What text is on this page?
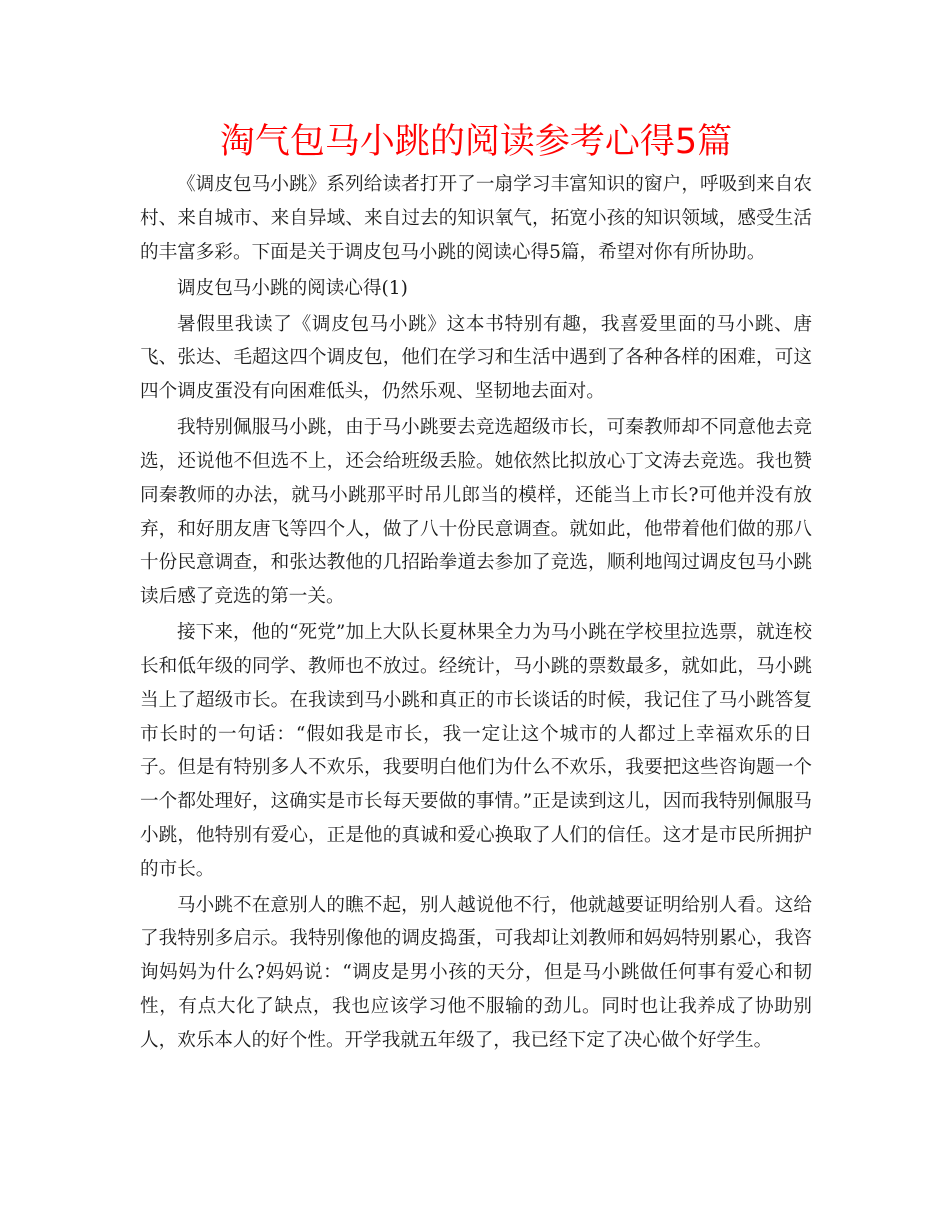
淘气包马小跳的阅读参考心得5篇

《调皮包马小跳》系列给读者打开了一扇学习丰富知识的窗户，呼吸到来自农村、来自城市、来自异域、来自过去的知识氧气，拓宽小孩的知识领域，感受生活的丰富多彩。下面是关于调皮包马小跳的阅读心得5篇，希望对你有所协助。

调皮包马小跳的阅读心得(1)

暑假里我读了《调皮包马小跳》这本书特别有趣，我喜爱里面的马小跳、唐飞、张达、毛超这四个调皮包，他们在学习和生活中遇到了各种各样的困难，可这四个调皮蛋没有向困难低头，仍然乐观、坚韧地去面对。

我特别佩服马小跳，由于马小跳要去竞选超级市长，可秦教师却不同意他去竞选，还说他不但选不上，还会给班级丢脸。她依然比拟放心丁文涛去竞选。我也赞同秦教师的办法，就马小跳那平时吊儿郎当的模样，还能当上市长?可他并没有放弃，和好朋友唐飞等四个人，做了八十份民意调查。就如此，他带着他们做的那八十份民意调查，和张达教他的几招跆拳道去参加了竞选，顺利地闯过调皮包马小跳读后感了竞选的第一关。

接下来，他的“死党”加上大队长夏林果全力为马小跳在学校里拉选票，就连校长和低年级的同学、教师也不放过。经统计，马小跳的票数最多，就如此，马小跳当上了超级市长。在我读到马小跳和真正的市长谈话的时候，我记住了马小跳答复市长时的一句话：“假如我是市长，我一定让这个城市的人都过上幸福欢乐的日子。但是有特别多人不欢乐，我要明白他们为什么不欢乐，我要把这些咨询题一个一个都处理好，这确实是市长每天要做的事情。”正是读到这儿，因而我特别佩服马小跳，他特别有爱心，正是他的真诚和爱心换取了人们的信任。这才是市民所拥护的市长。

马小跳不在意别人的瞧不起，别人越说他不行，他就越要证明给别人看。这给了我特别多启示。我特别像他的调皮捣蛋，可我却让刘教师和妈妈特别累心，我咨询妈妈为什么?妈妈说：“调皮是男小孩的天分，但是马小跳做任何事有爱心和韧性，有点大化了缺点，我也应该学习他不服输的劲儿。同时也让我养成了协助别人，欢乐本人的好个性。开学我就五年级了，我已经下定了决心做个好学生。
